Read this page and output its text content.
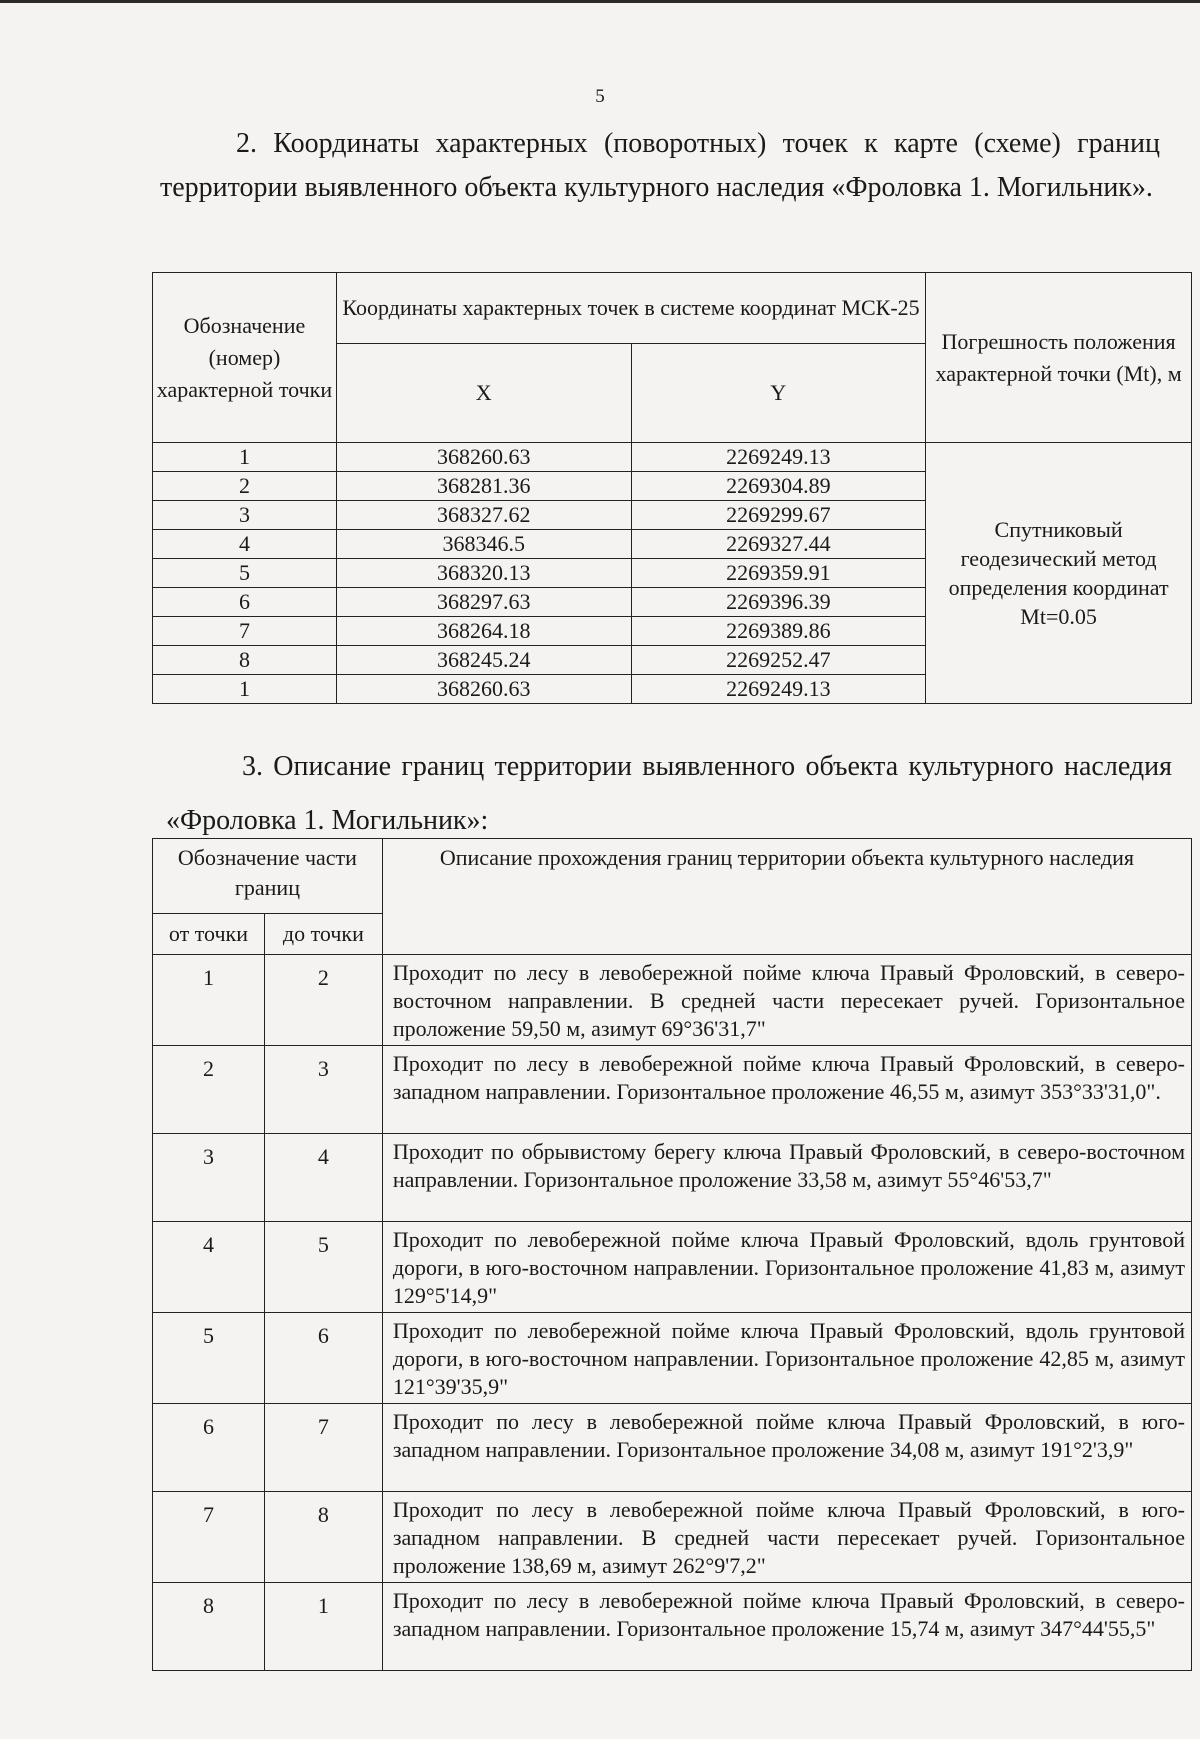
5
2. Координаты характерных (поворотных) точек к карте (схеме) границ территории выявленного объекта культурного наследия «Фроловка 1. Могильник».
Обозначение (номер) характерной точки	Координаты характерных точек в системе координат МСК-25		Погрешность положения характерной точки (Mt), м
	X	Y	
1	368260.63	2269249.13	Спутниковый геодезический метод определения координат Mt=0.05
2	368281.36	2269304.89	
3	368327.62	2269299.67	
4	368346.5	2269327.44	
5	368320.13	2269359.91	
6	368297.63	2269396.39	
7	368264.18	2269389.86	
8	368245.24	2269252.47	
1	368260.63	2269249.13	
3. Описание границ территории выявленного объекта культурного наследия «Фроловка 1. Могильник»:
Обозначение части границ		Описание прохождения границ территории объекта культурного наследия
от точки	до точки	
1	2	Проходит по лесу в левобережной пойме ключа Правый Фроловский, в северо-восточном направлении. В средней части пересекает ручей. Горизонтальное проложение 59,50 м, азимут 69°36'31,7"
2	3	Проходит по лесу в левобережной пойме ключа Правый Фроловский, в северо-западном направлении. Горизонтальное проложение 46,55 м, азимут 353°33'31,0".
3	4	Проходит по обрывистому берегу ключа Правый Фроловский, в северо-восточном направлении. Горизонтальное проложение 33,58 м, азимут 55°46'53,7"
4	5	Проходит по левобережной пойме ключа Правый Фроловский, вдоль грунтовой дороги, в юго-восточном направлении. Горизонтальное проложение 41,83 м, азимут 129°5'14,9"
5	6	Проходит по левобережной пойме ключа Правый Фроловский, вдоль грунтовой дороги, в юго-восточном направлении. Горизонтальное проложение 42,85 м, азимут 121°39'35,9"
6	7	Проходит по лесу в левобережной пойме ключа Правый Фроловский, в юго-западном направлении. Горизонтальное проложение 34,08 м, азимут 191°2'3,9"
7	8	Проходит по лесу в левобережной пойме ключа Правый Фроловский, в юго-западном направлении. В средней части пересекает ручей. Горизонтальное проложение 138,69 м, азимут 262°9'7,2"
8	1	Проходит по лесу в левобережной пойме ключа Правый Фроловский, в северо-западном направлении. Горизонтальное проложение 15,74 м, азимут 347°44'55,5"
